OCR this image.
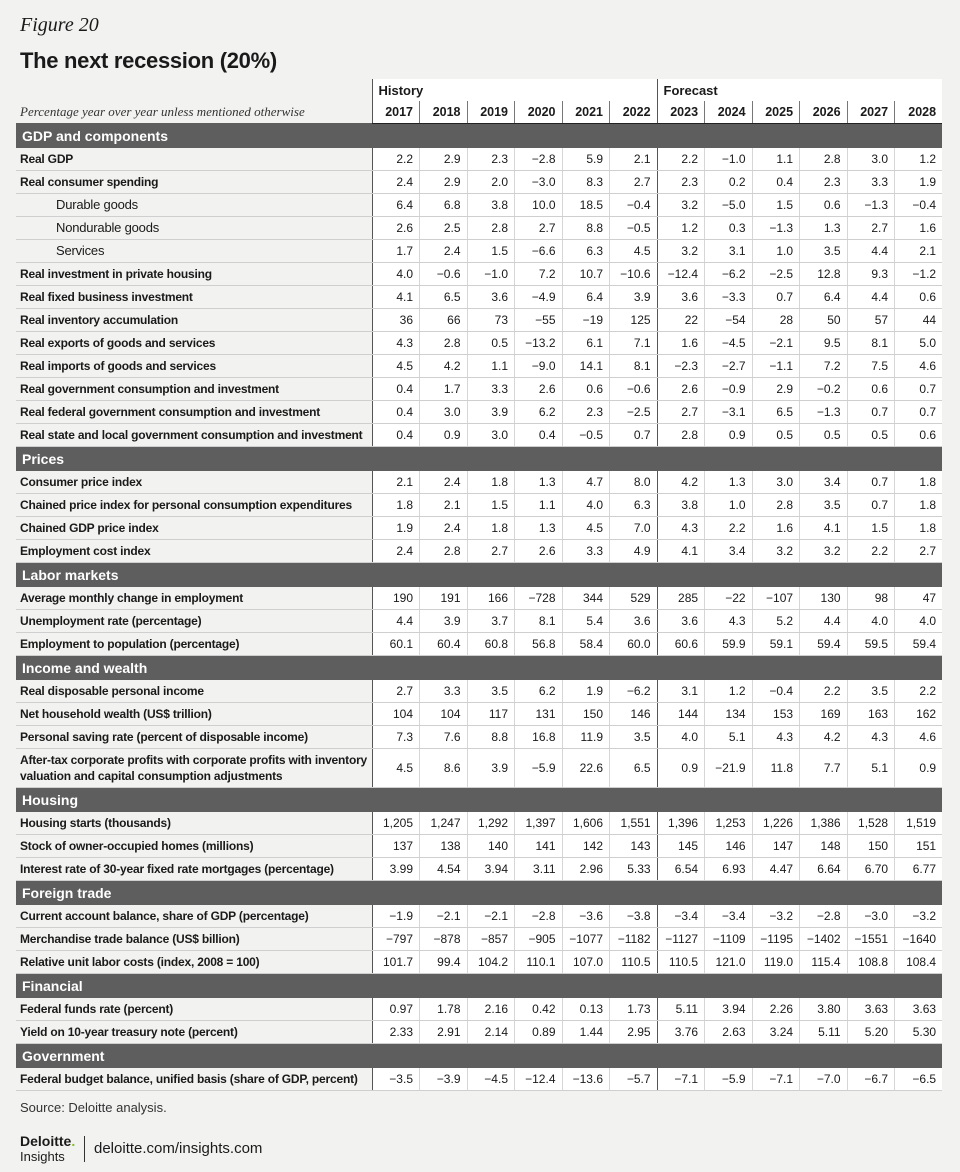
Figure 20
The next recession (20%)
	History						Forecast					
Percentage year over year unless mentioned otherwise	2017	2018	2019	2020	2021	2022	2023	2024	2025	2026	2027	2028
GDP and components												
Real GDP	2.2	2.9	2.3	−2.8	5.9	2.1	2.2	−1.0	1.1	2.8	3.0	1.2
Real consumer spending	2.4	2.9	2.0	−3.0	8.3	2.7	2.3	0.2	0.4	2.3	3.3	1.9
Durable goods	6.4	6.8	3.8	10.0	18.5	−0.4	3.2	−5.0	1.5	0.6	−1.3	−0.4
Nondurable goods	2.6	2.5	2.8	2.7	8.8	−0.5	1.2	0.3	−1.3	1.3	2.7	1.6
Services	1.7	2.4	1.5	−6.6	6.3	4.5	3.2	3.1	1.0	3.5	4.4	2.1
Real investment in private housing	4.0	−0.6	−1.0	7.2	10.7	−10.6	−12.4	−6.2	−2.5	12.8	9.3	−1.2
Real fixed business investment	4.1	6.5	3.6	−4.9	6.4	3.9	3.6	−3.3	0.7	6.4	4.4	0.6
Real inventory accumulation	36	66	73	−55	−19	125	22	−54	28	50	57	44
Real exports of goods and services	4.3	2.8	0.5	−13.2	6.1	7.1	1.6	−4.5	−2.1	9.5	8.1	5.0
Real imports of goods and services	4.5	4.2	1.1	−9.0	14.1	8.1	−2.3	−2.7	−1.1	7.2	7.5	4.6
Real government consumption and investment	0.4	1.7	3.3	2.6	0.6	−0.6	2.6	−0.9	2.9	−0.2	0.6	0.7
Real federal government consumption and investment	0.4	3.0	3.9	6.2	2.3	−2.5	2.7	−3.1	6.5	−1.3	0.7	0.7
Real state and local government consumption and investment	0.4	0.9	3.0	0.4	−0.5	0.7	2.8	0.9	0.5	0.5	0.5	0.6
Prices												
Consumer price index	2.1	2.4	1.8	1.3	4.7	8.0	4.2	1.3	3.0	3.4	0.7	1.8
Chained price index for personal consumption expenditures	1.8	2.1	1.5	1.1	4.0	6.3	3.8	1.0	2.8	3.5	0.7	1.8
Chained GDP price index	1.9	2.4	1.8	1.3	4.5	7.0	4.3	2.2	1.6	4.1	1.5	1.8
Employment cost index	2.4	2.8	2.7	2.6	3.3	4.9	4.1	3.4	3.2	3.2	2.2	2.7
Labor markets												
Average monthly change in employment	190	191	166	−728	344	529	285	−22	−107	130	98	47
Unemployment rate (percentage)	4.4	3.9	3.7	8.1	5.4	3.6	3.6	4.3	5.2	4.4	4.0	4.0
Employment to population (percentage)	60.1	60.4	60.8	56.8	58.4	60.0	60.6	59.9	59.1	59.4	59.5	59.4
Income and wealth												
Real disposable personal income	2.7	3.3	3.5	6.2	1.9	−6.2	3.1	1.2	−0.4	2.2	3.5	2.2
Net household wealth (US$ trillion)	104	104	117	131	150	146	144	134	153	169	163	162
Personal saving rate (percent of disposable income)	7.3	7.6	8.8	16.8	11.9	3.5	4.0	5.1	4.3	4.2	4.3	4.6
After-tax corporate profits with corporate profits with inventory valuation and capital consumption adjustments	4.5	8.6	3.9	−5.9	22.6	6.5	0.9	−21.9	11.8	7.7	5.1	0.9
Housing												
Housing starts (thousands)	1,205	1,247	1,292	1,397	1,606	1,551	1,396	1,253	1,226	1,386	1,528	1,519
Stock of owner-occupied homes (millions)	137	138	140	141	142	143	145	146	147	148	150	151
Interest rate of 30-year fixed rate mortgages (percentage)	3.99	4.54	3.94	3.11	2.96	5.33	6.54	6.93	4.47	6.64	6.70	6.77
Foreign trade												
Current account balance, share of GDP (percentage)	−1.9	−2.1	−2.1	−2.8	−3.6	−3.8	−3.4	−3.4	−3.2	−2.8	−3.0	−3.2
Merchandise trade balance (US$ billion)	−797	−878	−857	−905	−1077	−1182	−1127	−1109	−1195	−1402	−1551	−1640
Relative unit labor costs (index, 2008 = 100)	101.7	99.4	104.2	110.1	107.0	110.5	110.5	121.0	119.0	115.4	108.8	108.4
Financial												
Federal funds rate (percent)	0.97	1.78	2.16	0.42	0.13	1.73	5.11	3.94	2.26	3.80	3.63	3.63
Yield on 10-year treasury note (percent)	2.33	2.91	2.14	0.89	1.44	2.95	3.76	2.63	3.24	5.11	5.20	5.30
Government												
Federal budget balance, unified basis (share of GDP, percent)	−3.5	−3.9	−4.5	−12.4	−13.6	−5.7	−7.1	−5.9	−7.1	−7.0	−6.7	−6.5
Source: Deloitte analysis.
Deloitte.
Insights	deloitte.com/insights.com
